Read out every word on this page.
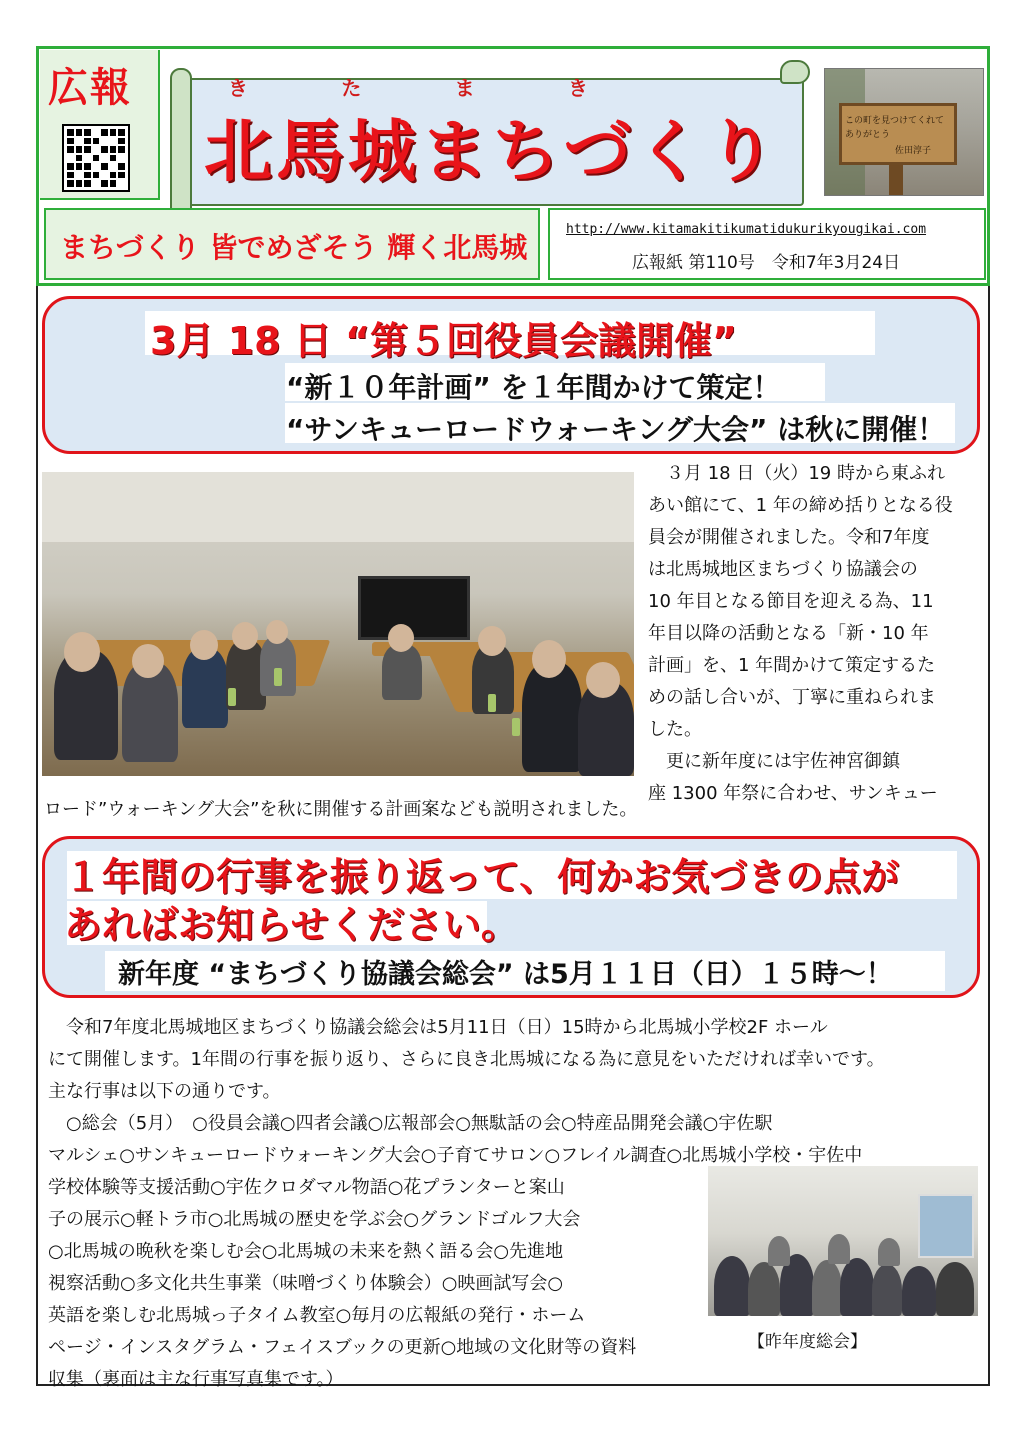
広報	き	た	ま	き
北馬城まちづくり	この町を見つけてくれて
ありがとう
佐田淳子
まちづくり 皆でめざそう 輝く北馬城
http://www.kitamakitikumatidukurikyougikai.com
広報紙 第110号　令和7年3月24日
3月 18 日 “第５回役員会議開催”
“新１０年計画” を１年間かけて策定！
“サンキューロードウォーキング大会” は秋に開催！
　３月 18 日（火）19 時から東ふれ
あい館にて、1 年の締め括りとなる役
員会が開催されました。令和7年度
は北馬城地区まちづくり協議会の
10 年目となる節目を迎える為、11
年目以降の活動となる「新・10 年
計画」を、1 年間かけて策定するた
めの話し合いが、丁寧に重ねられま
した。
　更に新年度には宇佐神宮御鎮
座 1300 年祭に合わせ、サンキュー
ロード”ウォーキング大会”を秋に開催する計画案なども説明されました。
１年間の行事を振り返って、何かお気づきの点が
あればお知らせください。
新年度 “まちづくり協議会総会” は5月１１日（日）１５時～！
　令和7年度北馬城地区まちづくり協議会総会は5月11日（日）15時から北馬城小学校2F ホール
にて開催します。1年間の行事を振り返り、さらに良き北馬城になる為に意見をいただければ幸いです。
主な行事は以下の通りです。
　○総会（5月）　○役員会議○四者会議○広報部会○無駄話の会○特産品開発会議○宇佐駅
マルシェ○サンキューロードウォーキング大会○子育てサロン○フレイル調査○北馬城小学校・宇佐中
学校体験等支援活動○宇佐クロダマル物語○花プランターと案山
子の展示○軽トラ市○北馬城の歴史を学ぶ会○グランドゴルフ大会
○北馬城の晩秋を楽しむ会○北馬城の未来を熱く語る会○先進地
視察活動○多文化共生事業（味噌づくり体験会）○映画試写会○
英語を楽しむ北馬城っ子タイム教室○毎月の広報紙の発行・ホーム
ページ・インスタグラム・フェイスブックの更新○地域の文化財等の資料
収集（裏面は主な行事写真集です。）
【昨年度総会】
